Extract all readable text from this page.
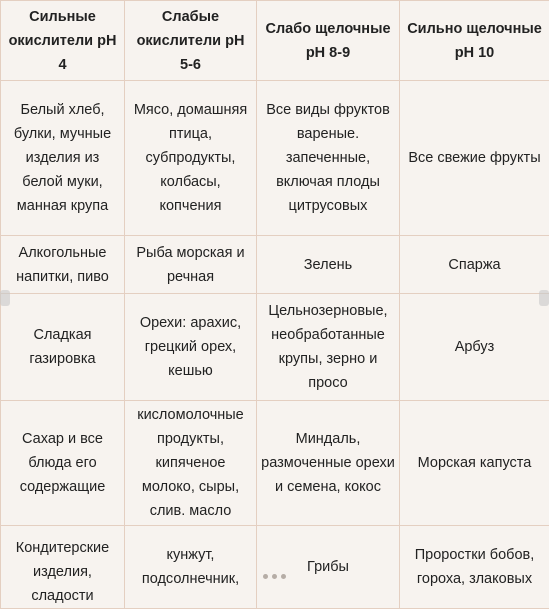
Сильные окислители рН 4	Слабые окислители рН 5-6	Слабо щелочные рН 8-9	Сильно щелочные рН 10
Белый хлеб, булки, мучные изделия из белой муки, манная крупа	Мясо, домашняя птица, субпродукты, колбасы, копчения	Все виды фруктов вареные. запеченные, включая плоды цитрусовых	Все свежие фрукты
Алкогольные напитки, пиво	Рыба морская и речная	Зелень	Спаржа
Сладкая газировка	Орехи: арахис, грецкий орех, кешью	Цельнозерновые, необработанные крупы, зерно и просо	Арбуз
Сахар и все блюда его содержащие	кисломолочные продукты, кипяченое молоко, сыры, слив. масло	Миндаль, размоченные орехи и семена, кокос	Морская капуста
Кондитерские изделия, сладости	кунжут, подсолнечник,	Грибы	Проростки бобов, гороха, злаковых
